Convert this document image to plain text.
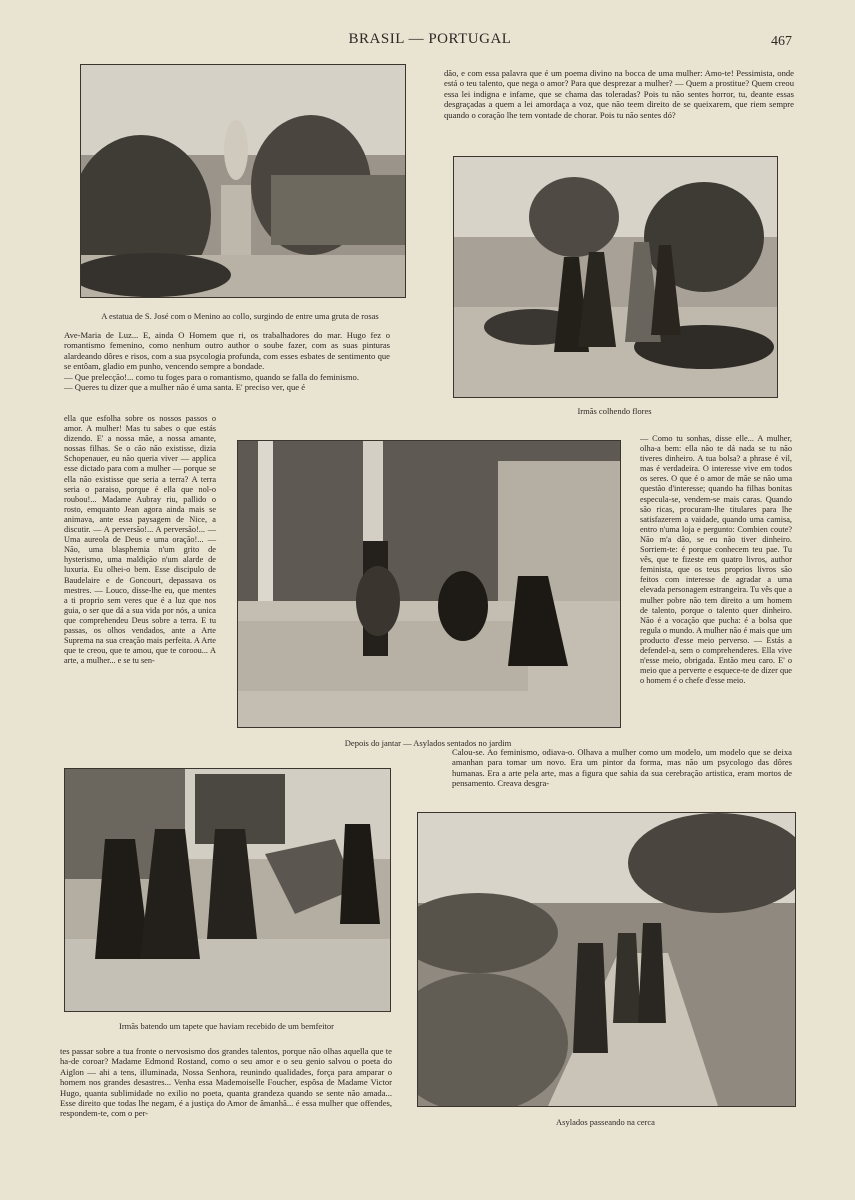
BRASIL — PORTUGAL	467
A estatua de S. José com o Menino ao collo, surgindo de entre uma gruta de rosas
dão, e com essa palavra que é um poema divino na bocca de uma mulher: Amo-te! Pessimista, onde está o teu talento, que nega o amor? Para que desprezar a mulher? — Quem a prostitue? Quem creou essa lei indigna e infame, que se chama das toleradas? Pois tu não sentes horror, tu, deante essas desgraçadas a quem a lei amordaça a voz, que não teem direito de se queixarem, que riem sempre quando o coração lhe tem vontade de chorar. Pois tu não sentes dó?
Irmãs colhendo flores

Ave-Maria de Luz... E, ainda O Homem que ri, os trabalhadores do mar. Hugo fez o romantismo femenino, como nenhum outro author o soube fazer, com as suas pinturas alardeando dôres e risos, com a sua psycologia profunda, com esses esbates de sentimento que se entôam, gladio em punho, vencendo sempre a bondade.

— Que prelecção!... como tu foges para o romantismo, quando se falla do feminismo.

— Queres tu dizer que a mulher não é uma santa. E' preciso ver, que é

ella que esfolha sobre os nossos passos o amor. A mulher! Mas tu sabes o que estás dizendo. E' a nossa mãe, a nossa amante, nossas filhas. Se o cão não existisse, dizia Schopenauer, eu não queria viver — applica esse dictado para com a mulher — porque se ella não existisse que seria a terra? A terra seria o paraiso, porque é ella que nol-o roubou!... Madame Aubray riu, pallido o rosto, emquanto Jean agora ainda mais se animava, ante essa paysagem de Nice, a discutir. — A perversão!... A perversão!... — Uma aureola de Deus e uma oração!... — Não, uma blasphemia n'um grito de hysterismo, uma maldição n'um alarde de luxuria. Eu olhei-o bem. Esse discipulo de Baudelaire e de Goncourt, depassava os mestres. — Louco, disse-lhe eu, que mentes a ti proprio sem veres que é a luz que nos guia, o ser que dá a sua vida por nós, a unica que comprehendeu Deus sobre a terra. E tu passas, os olhos vendados, ante a Arte Suprema na sua creação mais perfeita. A Arte que te creou, que te amou, que te coroou... A arte, a mulher... e se tu sen-
Depois do jantar — Asylados sentados no jardim
— Como tu sonhas, disse elle... A mulher, olha-a bem: ella não te dá nada se tu não tiveres dinheiro. A tua bolsa? a phrase é vil, mas é verdadeira. O interesse vive em todos os seres. O que é o amor de mãe se não uma questão d'interesse; quando ha filhas bonitas especula-se, vendem-se mais caras. Quando são ricas, procuram-lhe titulares para lhe satisfazerem a vaidade, quando uma camisa, entro n'uma loja e pergunto: Combien coute? Não m'a dão, se eu não tiver dinheiro. Sorriem-te: é porque conhecem teu pae. Tu vês, que te fizeste em quatro livros, author feminista, que os teus proprios livros são feitos com interesse de agradar a uma elevada personagem estrangeira. Tu vês que a mulher pobre não tem direito a um homem de talento, porque o talento quer dinheiro. Não é a vocação que pucha: é a bolsa que regula o mundo. A mulher não é mais que um producto d'esse meio perverso. — Estás a defendel-a, sem o comprehenderes. Ella vive n'esse meio, obrigada. Então meu caro. E' o meio que a perverte e esquece-te de dizer que o homem é o chefe d'esse meio.
Calou-se. Ao feminismo, odiava-o. Olhava a mulher como um modelo, um modelo que se deixa amanhan para tomar um novo. Era um pintor da forma, mas não um psycologo das dôres humanas. Era a arte pela arte, mas a figura que sahia da sua cerebração artistica, eram mortos de pensamento. Creava desgra-
Irmãs batendo um tapete que haviam recebido de um bemfeitor
Asylados passeando na cerca
tes passar sobre a tua fronte o nervosismo dos grandes talentos, porque não olhas aquella que te ha-de coroar? Madame Edmond Rostand, como o seu amor e o seu genio salvou o poeta do Aiglon — ahi a tens, illuminada, Nossa Senhora, reunindo qualidades, força para amparar o homem nos grandes desastres... Venha essa Mademoiselle Foucher, espôsa de Madame Victor Hugo, quanta sublimidade no exilio no poeta, quanta grandeza quando se sente não amada... Esse direito que todas lhe negam, é a justiça do Amor de âmanhã... é essa mulher que offendes, respondem-te, com o per-
